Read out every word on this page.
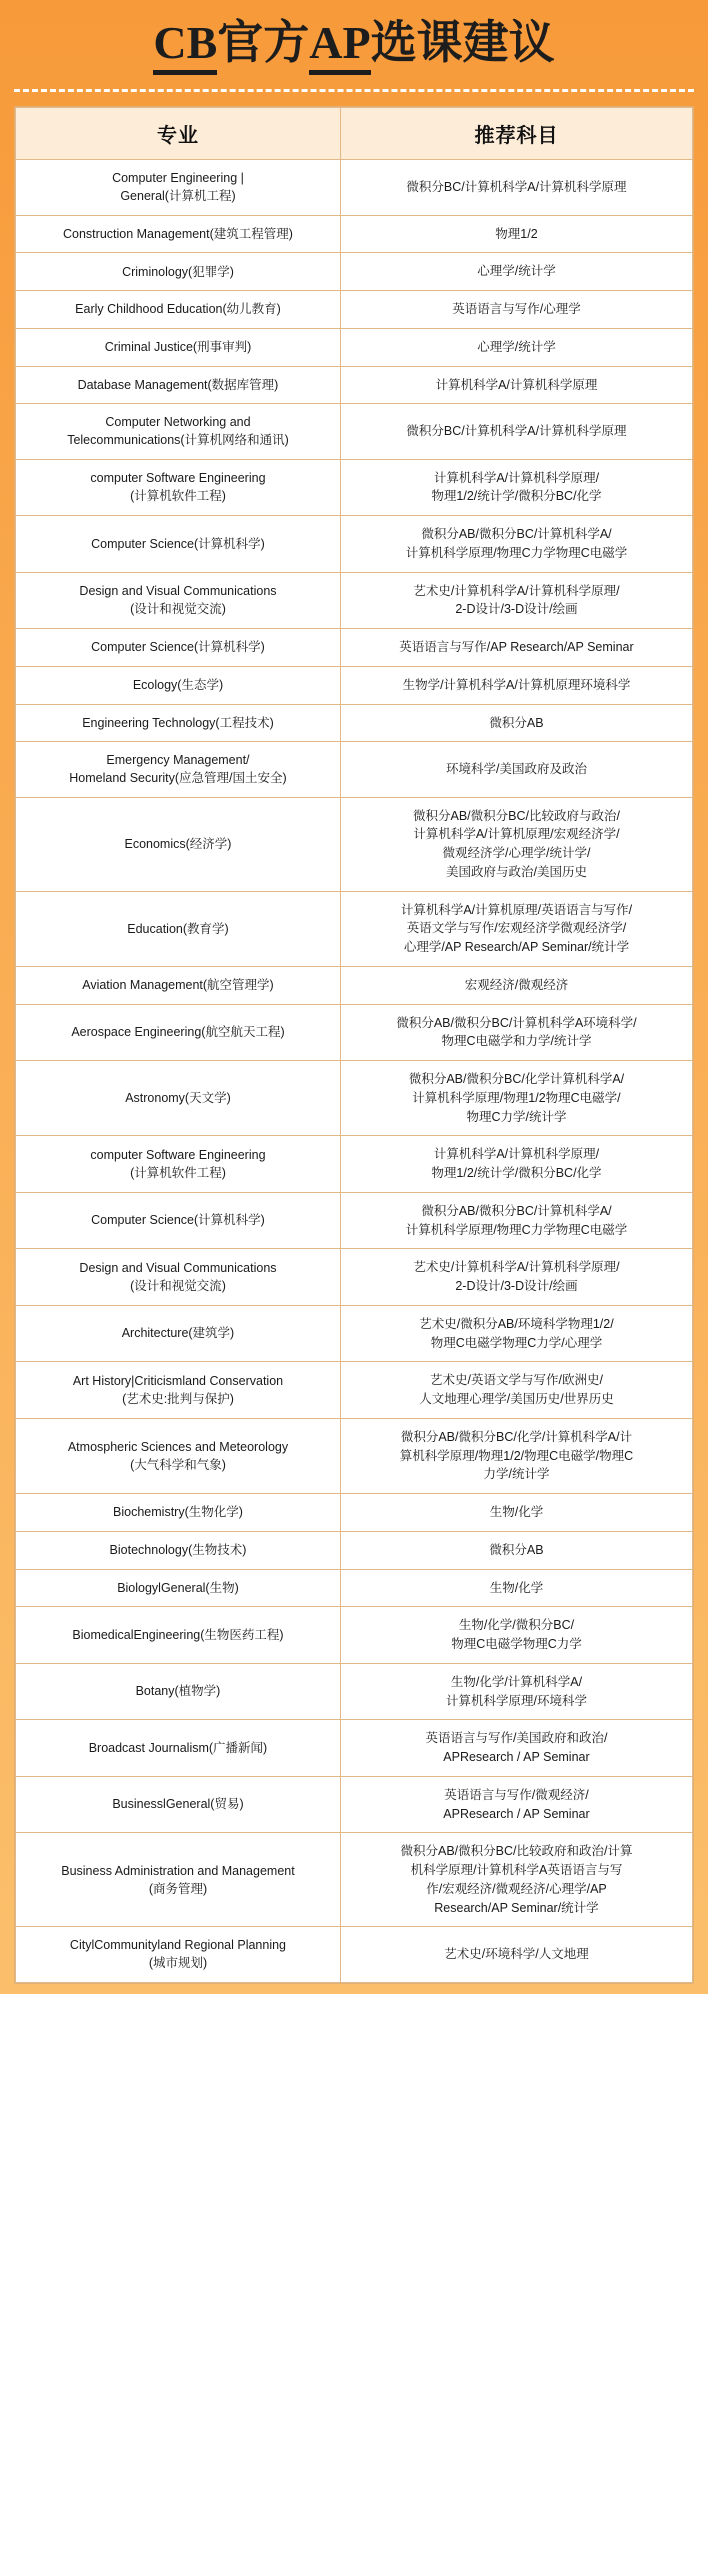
CB官方AP选课建议
专业	推荐科目

Computer Engineering |
General(计算机工程)	微积分BC/计算机科学A/计算机科学原理

Construction Management(建筑工程管理)	物理1/2

Criminology(犯罪学)	心理学/统计学

Early Childhood Education(幼儿教育)	英语语言与写作/心理学

Criminal Justice(刑事审判)	心理学/统计学

Database Management(数据库管理)	计算机科学A/计算机科学原理

Computer Networking and
Telecommunications(计算机网络和通讯)	微积分BC/计算机科学A/计算机科学原理

computer Software Engineering
(计算机软件工程)	计算机科学A/计算机科学原理/
物理1/2/统计学/微积分BC/化学

Computer Science(计算机科学)	微积分AB/微积分BC/计算机科学A/
计算机科学原理/物理C力学物理C电磁学

Design and Visual Communications
(设计和视觉交流)	艺术史/计算机科学A/计算机科学原理/
2-D设计/3-D设计/绘画

Computer Science(计算机科学)	英语语言与写作/AP Research/AP Seminar

Ecology(生态学)	生物学/计算机科学A/计算机原理环境科学

Engineering Technology(工程技术)	微积分AB

Emergency Management/
Homeland Security(应急管理/国土安全)	环境科学/美国政府及政治

Economics(经济学)	微积分AB/微积分BC/比较政府与政治/
计算机科学A/计算机原理/宏观经济学/
微观经济学/心理学/统计学/
美国政府与政治/美国历史

Education(教育学)	计算机科学A/计算机原理/英语语言与写作/
英语文学与写作/宏观经济学微观经济学/
心理学/AP Research/AP Seminar/统计学

Aviation Management(航空管理学)	宏观经济/微观经济

Aerospace Engineering(航空航天工程)	微积分AB/微积分BC/计算机科学A环境科学/
物理C电磁学和力学/统计学

Astronomy(天文学)	微积分AB/微积分BC/化学计算机科学A/
计算机科学原理/物理1/2物理C电磁学/
物理C力学/统计学

computer Software Engineering
(计算机软件工程)	计算机科学A/计算机科学原理/
物理1/2/统计学/微积分BC/化学

Computer Science(计算机科学)	微积分AB/微积分BC/计算机科学A/
计算机科学原理/物理C力学物理C电磁学

Design and Visual Communications
(设计和视觉交流)	艺术史/计算机科学A/计算机科学原理/
2-D设计/3-D设计/绘画

Architecture(建筑学)	艺术史/微积分AB/环境科学物理1/2/
物理C电磁学物理C力学/心理学

Art History|Criticismland Conservation
(艺术史:批判与保护)	艺术史/英语文学与写作/欧洲史/
人文地理心理学/美国历史/世界历史

Atmospheric Sciences and Meteorology
(大气科学和气象)	微积分AB/微积分BC/化学/计算机科学A/计
算机科学原理/物理1/2/物理C电磁学/物理C
力学/统计学

Biochemistry(生物化学)	生物/化学

Biotechnology(生物技术)	微积分AB

BiologylGeneral(生物)	生物/化学

BiomedicalEngineering(生物医药工程)	生物/化学/微积分BC/
物理C电磁学物理C力学

Botany(植物学)	生物/化学/计算机科学A/
计算机科学原理/环境科学

Broadcast Journalism(广播新闻)	英语语言与写作/美国政府和政治/
APResearch / AP Seminar

BusinesslGeneral(贸易)	英语语言与写作/微观经济/
APResearch / AP Seminar

Business Administration and Management
(商务管理)	微积分AB/微积分BC/比较政府和政治/计算
机科学原理/计算机科学A英语语言与写
作/宏观经济/微观经济/心理学/AP
Research/AP Seminar/统计学

CitylCommunityland Regional Planning
(城市规划)	艺术史/环境科学/人文地理
